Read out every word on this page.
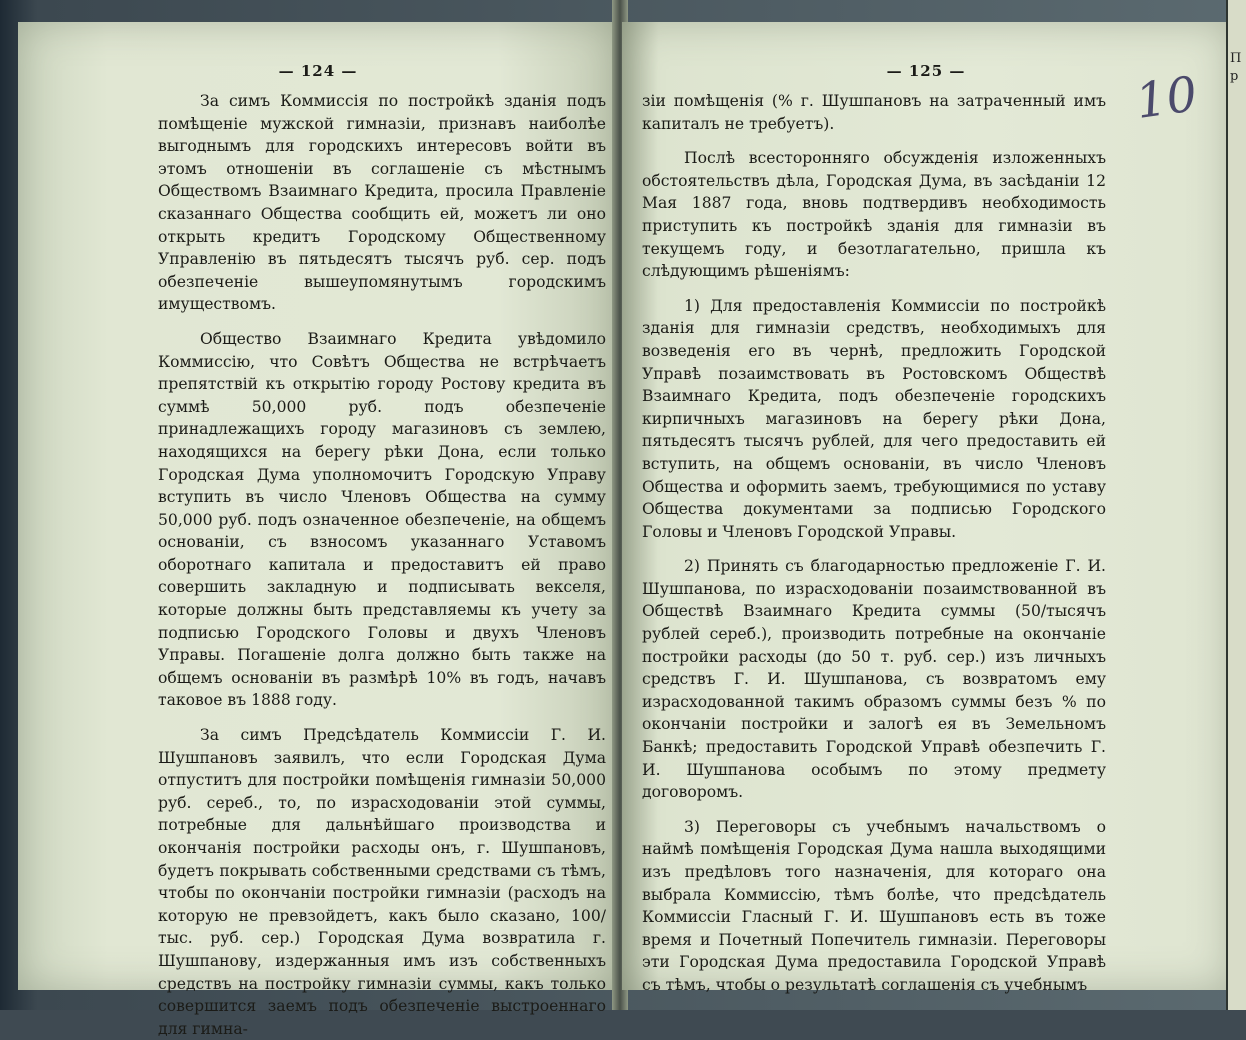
— 124 —

За симъ Коммиссія по постройкѣ зданія подъ помѣщеніе мужской гимназіи, признавъ наиболѣе выгоднымъ для городскихъ интересовъ войти въ этомъ отношеніи въ соглашеніе съ мѣстнымъ Обществомъ Взаимнаго Кредита, просила Правленіе сказаннаго Общества сообщить ей, можетъ ли оно открыть кредитъ Городскому Общественному Управленію въ пятьдесятъ тысячъ руб. сер. подъ обезпеченіе вышеупомянутымъ городскимъ имуществомъ.

Общество Взаимнаго Кредита увѣдомило Коммиссію, что Совѣтъ Общества не встрѣчаетъ препятствій къ открытію городу Ростову кредита въ суммѣ 50,000 руб. подъ обезпеченіе принадлежащихъ городу магазиновъ съ землею, находящихся на берегу рѣки Дона, если только Городская Дума уполномочитъ Городскую Управу вступить въ число Членовъ Общества на сумму 50,000 руб. подъ означенное обезпеченіе, на общемъ основаніи, съ взносомъ указаннаго Уставомъ оборотнаго капитала и предоставитъ ей право совершить закладную и подписывать векселя, которые должны быть представляемы къ учету за подписью Городского Головы и двухъ Членовъ Управы. Погашеніе долга должно быть также на общемъ основаніи въ размѣрѣ 10% въ годъ, начавъ таковое въ 1888 году.

За симъ Предсѣдатель Коммиссіи Г. И. Шушпановъ заявилъ, что если Городская Дума отпуститъ для постройки помѣщенія гимназіи 50,000 руб. сереб., то, по израсходованіи этой суммы, потребные для дальнѣйшаго производства и окончанія постройки расходы онъ, г. Шушпановъ, будетъ покрывать собственными средствами съ тѣмъ, чтобы по окончаніи постройки гимназіи (расходъ на которую не превзойдетъ, какъ было сказано, 100/тыс. руб. сер.) Городская Дума возвратила г. Шушпанову, издержанныя имъ изъ собственныхъ средствъ на постройку гимназіи суммы, какъ только совершится заемъ подъ обезпеченіе выстроеннаго для гимна-

— 125 —

зіи помѣщенія (% г. Шушпановъ на затраченный имъ капиталъ не требуетъ).

Послѣ всесторонняго обсужденія изложенныхъ обстоятельствъ дѣла, Городская Дума, въ засѣданіи 12 Мая 1887 года, вновь подтвердивъ необходимость приступить къ постройкѣ зданія для гимназіи въ текущемъ году, и безотлагательно, пришла къ слѣдующимъ рѣшеніямъ:

1) Для предоставленія Коммиссіи по постройкѣ зданія для гимназіи средствъ, необходимыхъ для возведенія его въ чернѣ, предложить Городской Управѣ позаимствовать въ Ростовскомъ Обществѣ Взаимнаго Кредита, подъ обезпеченіе городскихъ кирпичныхъ магазиновъ на берегу рѣки Дона, пятьдесятъ тысячъ рублей, для чего предоставить ей вступить, на общемъ основаніи, въ число Членовъ Общества и оформить заемъ, требующимися по уставу Общества документами за подписью Городского Головы и Членовъ Городской Управы.

2) Принять съ благодарностью предложеніе Г. И. Шушпанова, по израсходованіи позаимствованной въ Обществѣ Взаимнаго Кредита суммы (50/тысячъ рублей сереб.), производить потребные на окончаніе постройки расходы (до 50 т. руб. сер.) изъ личныхъ средствъ Г. И. Шушпанова, съ возвратомъ ему израсходованной такимъ образомъ суммы безъ % по окончаніи постройки и залогѣ ея въ Земельномъ Банкѣ; предоставить Городской Управѣ обезпечить Г. И. Шушпанова особымъ по этому предмету договоромъ.

3) Переговоры съ учебнымъ начальствомъ о наймѣ помѣщенія Городская Дума нашла выходящими изъ предѣловъ того назначенія, для котораго она выбрала Коммиссію, тѣмъ болѣе, что предсѣдатель Коммиссіи Гласный Г. И. Шушпановъ есть въ тоже время и Почетный Попечитель гимназіи. Переговоры эти Городская Дума предоставила Городской Управѣ съ тѣмъ, чтобы о результатѣ соглашенія съ учебнымъ

10
Пр
